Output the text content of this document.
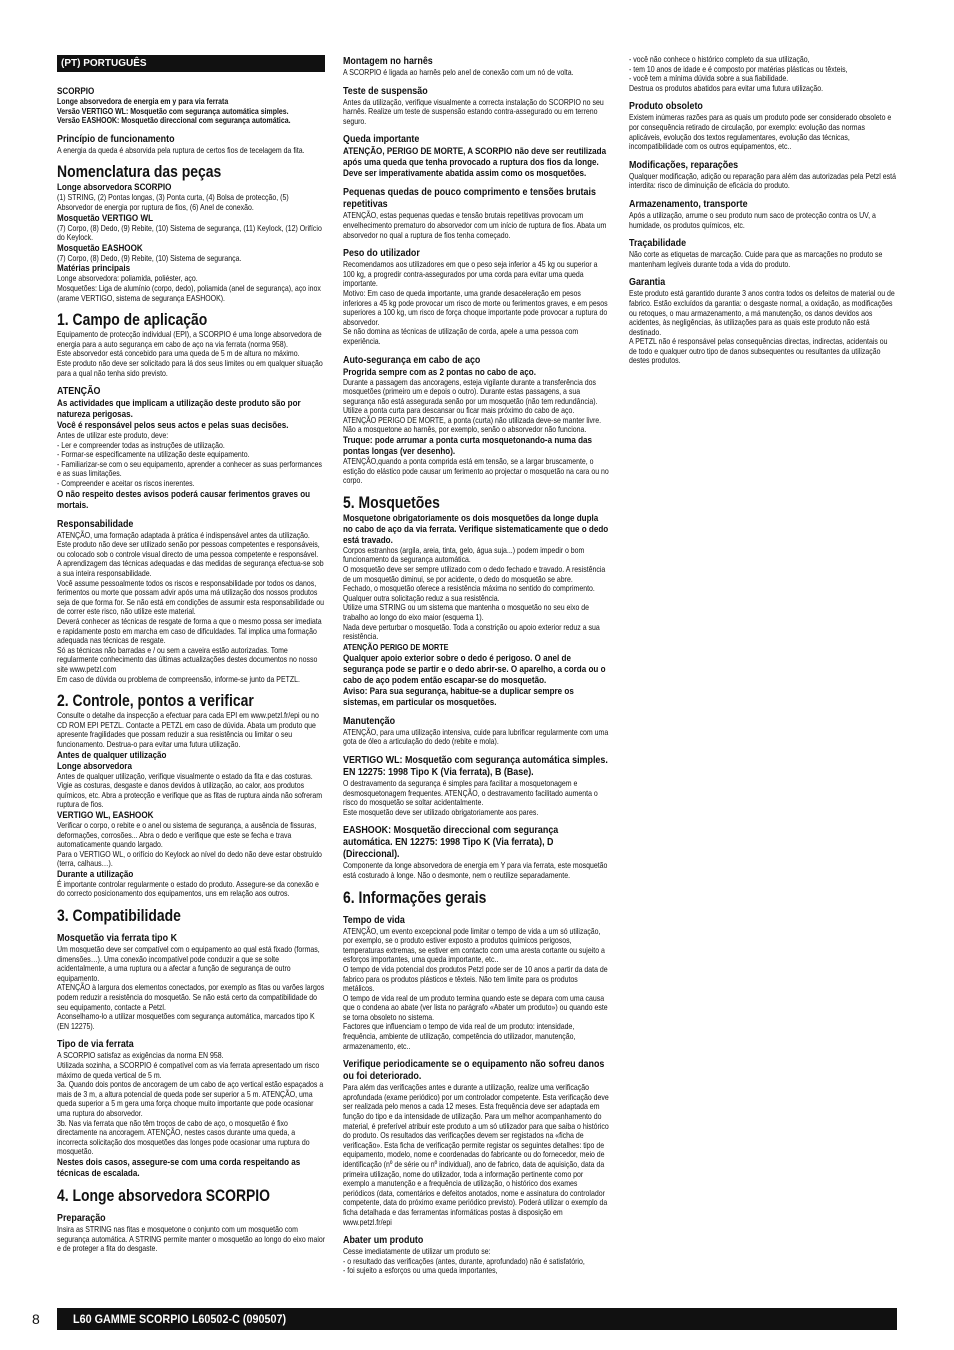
(PT) PORTUGUÊS
SCORPIO
Longe absorvedora de energia em y para via ferrata
Versão VERTIGO WL: Mosquetão com segurança automática simples.
Versão EASHOOK: Mosquetão direccional com segurança automática.
Princípio de funcionamento
A energia da queda é absorvida pela ruptura de certos fios de tecelagem da fita.
Nomenclatura das peças
Longe absorvedora SCORPIO
(1) STRING, (2) Pontas longas, (3) Ponta curta, (4) Bolsa de protecção, (5) Absorvedor de energia por ruptura de fios, (6) Anel de conexão.
Mosquetão VERTIGO WL
(7) Corpo, (8) Dedo, (9) Rebite, (10) Sistema de segurança, (11) Keylock, (12) Orifício do Keylock.
Mosquetão EASHOOK
(7) Corpo, (8) Dedo, (9) Rebite, (10) Sistema de segurança.
Matérias principais
Longe absorvedora: poliamida, poliéster, aço.
Mosquetões: Liga de alumínio (corpo, dedo), poliamida (anel de segurança), aço inox (arame VERTIGO, sistema de segurança EASHOOK).
1. Campo de aplicação
Equipamento de protecção individual (EPI), a SCORPIO é uma longe absorvedora de energia para a auto segurança em cabo de aço na via ferrata (norma 958).
Este absorvedor está concebido para uma queda de 5 m de altura no máximo.
Este produto não deve ser solicitado para lá dos seus limites ou em qualquer situação para a qual não tenha sido previsto.
ATENÇÃO
As actividades que implicam a utilização deste produto são por natureza perigosas.
Você é responsável pelos seus actos e pelas suas decisões.
Antes de utilizar este produto, deve:
- Ler e compreender todas as instruções de utilização.
- Formar-se especificamente na utilização deste equipamento.
- Familiarizar-se com o seu equipamento, aprender a conhecer as suas performances e as suas limitações.
- Compreender e aceitar os riscos inerentes.
O não respeito destes avisos poderá causar ferimentos graves ou mortais.
Responsabilidade
ATENÇÃO, uma formação adaptada à prática é indispensável antes da utilização.
Este produto não deve ser utilizado senão por pessoas competentes e responsáveis, ou colocado sob o controle visual directo de uma pessoa competente e responsável.
A aprendizagem das técnicas adequadas e das medidas de segurança efectua-se sob a sua inteira responsabilidade.
Você assume pessoalmente todos os riscos e responsabilidade por todos os danos, ferimentos ou morte que possam advir após uma má utilização dos nossos produtos seja de que forma for. Se não está em condições de assumir esta responsabilidade ou de correr este risco, não utilize este material.
Deverá conhecer as técnicas de resgate de forma a que o mesmo possa ser imediata e rapidamente posto em marcha em caso de dificuldades. Tal implica uma formação adequada nas técnicas de resgate.
Só as técnicas não barradas e / ou sem a caveira estão autorizadas. Tome regularmente conhecimento das últimas actualizações destes documentos no nosso site www.petzl.com
Em caso de dúvida ou problema de compreensão, informe-se junto da PETZL.
2. Controle, pontos a verificar
Consulte o detalhe da inspecção a efectuar para cada EPI em www.petzl.fr/epi ou no CD ROM EPI PETZL. Contacte a PETZL em caso de dúvida. Abata um produto que apresente fragilidades que possam reduzir a sua resistência ou limitar o seu funcionamento. Destrua-o para evitar uma futura utilização.
Antes de qualquer utilização
Longe absorvedora
Antes de qualquer utilização, verifique visualmente o estado da fita e das costuras. Vigie as costuras, desgaste e danos devidos à utilização, ao calor, aos produtos químicos, etc. Abra a protecção e verifique que as fitas de ruptura ainda não sofreram ruptura de fios.
VERTIGO WL, EASHOOK
Verificar o corpo, o rebite e o anel ou sistema de segurança, a ausência de fissuras, deformações, corrosões... Abra o dedo e verifique que este se fecha e trava automaticamente quando largado.
Para o VERTIGO WL, o orifício do Keylock ao nível do dedo não deve estar obstruído (terra, calhaus…).
Durante a utilização
É importante controlar regularmente o estado do produto. Assegure-se da conexão e do correcto posicionamento dos equipamentos, uns em relação aos outros.
3. Compatibilidade
Mosquetão via ferrata tipo K
Um mosquetão deve ser compatível com o equipamento ao qual está fixado (formas, dimensões…). Uma conexão incompatível pode conduzir a que se solte acidentalmente, a uma ruptura ou a afectar a função de segurança de outro equipamento.
ATENÇÃO à largura dos elementos conectados, por exemplo as fitas ou varões largos podem reduzir a resistência do mosquetão. Se não está certo da compatibilidade do seu equipamento, contacte a Petzl.
Aconselhamo-lo a utilizar mosquetões com segurança automática, marcados tipo K (EN 12275).
Tipo de via ferrata
A SCORPIO satisfaz as exigências da norma EN 958.
Utilizada sozinha, a SCORPIO é compatível com as via ferrata apresentado um risco máximo de queda vertical de 5 m.
3a. Quando dois pontos de ancoragem de um cabo de aço vertical estão espaçados a mais de 3 m, a altura potencial de queda pode ser superior a 5 m. ATENÇÃO, uma queda superior a 5 m gera uma força choque muito importante que pode ocasionar uma ruptura do absorvedor.
3b. Nas via ferrata que não têm troços de cabo de aço, o mosquetão é fixo directamente na ancoragem. ATENÇÃO, nestes casos durante uma queda, a incorrecta solicitação dos mosquetões das longes pode ocasionar uma ruptura do mosquetão.
Nestes dois casos, assegure-se com uma corda respeitando as técnicas de escalada.
4. Longe absorvedora SCORPIO
Preparação
Insira as STRING nas fitas e mosquetone o conjunto com um mosquetão com segurança automática. A STRING permite manter o mosquetão ao longo do eixo maior e de proteger a fita do desgaste.
Montagem no harnês
A SCORPIO é ligada ao harnês pelo anel de conexão com um nó de volta.
Teste de suspensão
Antes da utilização, verifique visualmente a correcta instalação do SCORPIO no seu harnês. Realize um teste de suspensão estando contra-assegurado ou em terreno seguro.
Queda importante
ATENÇÃO, PERIGO DE MORTE, A SCORPIO não deve ser reutilizada após uma queda que tenha provocado a ruptura dos fios da longe. Deve ser imperativamente abatida assim como os mosquetões.
Pequenas quedas de pouco comprimento e tensões brutais repetitivas
ATENÇÃO, estas pequenas quedas e tensão brutais repetitivas provocam um envelhecimento prematuro do absorvedor com um início de ruptura de fios. Abata um absorvedor no qual a ruptura de fios tenha começado.
Peso do utilizador
Recomendamos aos utilizadores em que o peso seja inferior a 45 kg ou superior a 100 kg, a progredir contra-assegurados por uma corda para evitar uma queda importante.
Motivo: Em caso de queda importante, uma grande desaceleração em pesos inferiores a 45 kg pode provocar um risco de morte ou ferimentos graves, e em pesos superiores a 100 kg, um risco de força choque importante pode provocar a ruptura do absorvedor.
Se não domina as técnicas de utilização de corda, apele a uma pessoa com experiência.
Auto-segurança em cabo de aço
Progrida sempre com as 2 pontas no cabo de aço.
Durante a passagem das ancoragens, esteja vigilante durante a transferência dos mosquetões (primeiro um e depois o outro). Durante estas passagens, a sua segurança não está assegurada senão por um mosquetão (não tem redundância).
Utilize a ponta curta para descansar ou ficar mais próximo do cabo de aço.
ATENÇÃO PERIGO DE MORTE, a ponta (curta) não utilizada deve-se manter livre. Não a mosquetone ao harnês, por exemplo, senão o absorvedor não funciona.
Truque: pode arrumar a ponta curta mosquetonando-a numa das pontas longas (ver desenho).
ATENÇÃO,quando a ponta comprida está em tensão, se a largar bruscamente, o estição do elástico pode causar um ferimento ao projectar o mosquetão na cara ou no corpo.
5. Mosquetões
Mosquetone obrigatoriamente os dois mosquetões da longe dupla no cabo de aço da via ferrata. Verifique sistematicamente que o dedo está travado.
Corpos estranhos (argila, areia, tinta, gelo, água suja...) podem impedir o bom funcionamento da segurança automática.
O mosquetão deve ser sempre utilizado com o dedo fechado e travado. A resistência de um mosquetão diminui, se por acidente, o dedo do mosquetão se abre.
Fechado, o mosquetão oferece a resistência máxima no sentido do comprimento. Qualquer outra solicitação reduz a sua resistência.
Utilize uma STRING ou um sistema que mantenha o mosquetão no seu eixo de trabalho ao longo do eixo maior (esquema 1).
Nada deve perturbar o mosquetão. Toda a constrição ou apoio exterior reduz a sua resistência.
ATENÇÃO PERIGO DE MORTE
Qualquer apoio exterior sobre o dedo é perigoso. O anel de segurança pode se partir e o dedo abrir-se. O aparelho, a corda ou o cabo de aço podem então escapar-se do mosquetão.
Aviso: Para sua segurança, habitue-se a duplicar sempre os sistemas, em particular os mosquetões.
Manutenção
ATENÇÃO, para uma utilização intensiva, cuide para lubrificar regularmente com uma gota de óleo a articulação do dedo (rebite e mola).
VERTIGO WL: Mosquetão com segurança automática simples. EN 12275: 1998 Tipo K (Via ferrata), B (Base).
O destravamento da segurança é simples para facilitar a mosquetonagem e desmosquetonagem frequentes. ATENÇÃO, o destravamento facilitado aumenta o risco do mosquetão se soltar acidentalmente.
Este mosquetão deve ser utilizado obrigatoriamente aos pares.
EASHOOK: Mosquetão direccional com segurança automática. EN 12275: 1998 Tipo K (Via ferrata), D (Direccional).
Componente da longe absorvedora de energia em Y para via ferrata, este mosquetão está costurado à longe. Não o desmonte, nem o reutilize separadamente.
6. Informações gerais
Tempo de vida
ATENÇÃO, um evento excepcional pode limitar o tempo de vida a um só utilização, por exemplo, se o produto estiver exposto a produtos químicos perigosos, temperaturas extremas, se estiver em contacto com uma aresta cortante ou sujeito a esforços importantes, uma queda importante, etc..
O tempo de vida potencial dos produtos Petzl pode ser de 10 anos a partir da data de fabrico para os produtos plásticos e têxteis. Não tem limite para os produtos metálicos.
O tempo de vida real de um produto termina quando este se depara com uma causa que o condena ao abate (ver lista no parágrafo «Abater um produto») ou quando este se torna obsoleto no sistema.
Factores que influenciam o tempo de vida real de um produto: intensidade, frequência, ambiente de utilização, competência do utilizador, manutenção, armazenamento, etc..
Verifique periodicamente se o equipamento não sofreu danos ou foi deteriorado.
Para além das verificações antes e durante a utilização, realize uma verificação aprofundada (exame periódico) por um controlador competente. Esta verificação deve ser realizada pelo menos a cada 12 meses. Esta frequência deve ser adaptada em função do tipo e da intensidade de utilização. Para um melhor acompanhamento do material, é preferível atribuir este produto a um só utilizador para que saiba o histórico do produto. Os resultados das verificações devem ser registados na «ficha de verificação». Esta ficha de verificação permite registar os seguintes detalhes: tipo de equipamento, modelo, nome e coordenadas do fabricante ou do fornecedor, meio de identificação (nº de série ou nº individual), ano de fabrico, data de aquisição, data da primeira utilização, nome do utilizador, toda a informação pertinente como por exemplo a manutenção e a frequência de utilização, o histórico dos exames periódicos (data, comentários e defeitos anotados, nome e assinatura do controlador competente, data do próximo exame periódico previsto). Poderá utilizar o exemplo da ficha detalhada e das ferramentas informáticas postas à disposição em www.petzl.fr/epi
Abater um produto
Cesse imediatamente de utilizar um produto se:
- o resultado das verificações (antes, durante, aprofundado) não é satisfatório,
- foi sujeito a esforços ou uma queda importantes,
- você não conhece o histórico completo da sua utilização,
- tem 10 anos de idade e é composto por matérias plásticas ou têxteis,
- você tem a mínima dúvida sobre a sua fiabilidade.
Destrua os produtos abatidos para evitar uma futura utilização.
Produto obsoleto
Existem inúmeras razões para as quais um produto pode ser considerado obsoleto e por consequência retirado de circulação, por exemplo: evolução das normas aplicáveis, evolução dos textos regulamentares, evolução das técnicas, incompatibilidade com os outros equipamentos, etc..
Modificações, reparações
Qualquer modificação, adição ou reparação para além das autorizadas pela Petzl está interdita: risco de diminuição de eficácia do produto.
Armazenamento, transporte
Após a utilização, arrume o seu produto num saco de protecção contra os UV, a humidade, os produtos químicos, etc.
Traçabilidade
Não corte as etiquetas de marcação. Cuide para que as marcações no produto se mantenham legíveis durante toda a vida do produto.
Garantia
Este produto está garantido durante 3 anos contra todos os defeitos de material ou de fabrico. Estão excluídos da garantia: o desgaste normal, a oxidação, as modificações ou retoques, o mau armazenamento, a má manutenção, os danos devidos aos acidentes, às negligências, às utilizações para as quais este produto não está destinado.
A PETZL não é responsável pelas consequências directas, indirectas, acidentais ou de todo e qualquer outro tipo de danos subsequentes ou resultantes da utilização destes produtos.
8	L60 GAMME SCORPIO L60502-C (090507)
